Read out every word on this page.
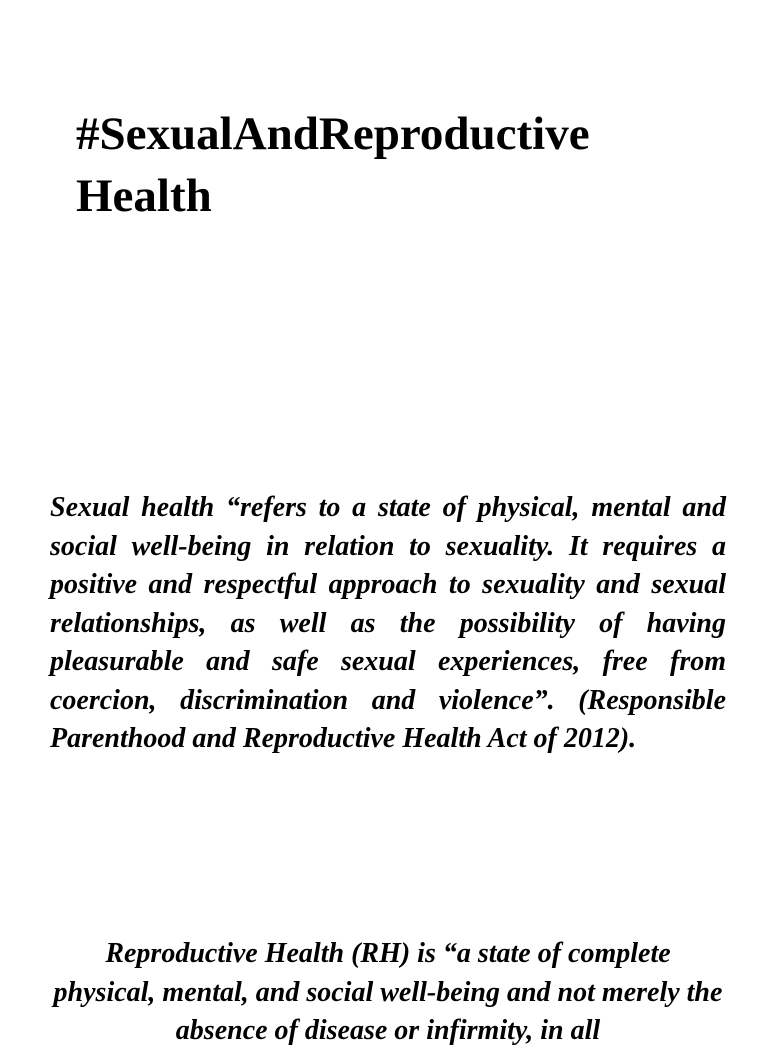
#SexualAndReproductive Health

Sexual health “refers to a state of physical, mental and social well-being in relation to sexuality. It requires a positive and respectful approach to sexuality and sexual relationships, as well as the possibility of having pleasurable and safe sexual experiences, free from coercion, discrimination and violence”. (Responsible Parenthood and Reproductive Health Act of 2012).

Reproductive Health (RH) is “a state of complete physical, mental, and social well-being and not merely the absence of disease or infirmity, in all
